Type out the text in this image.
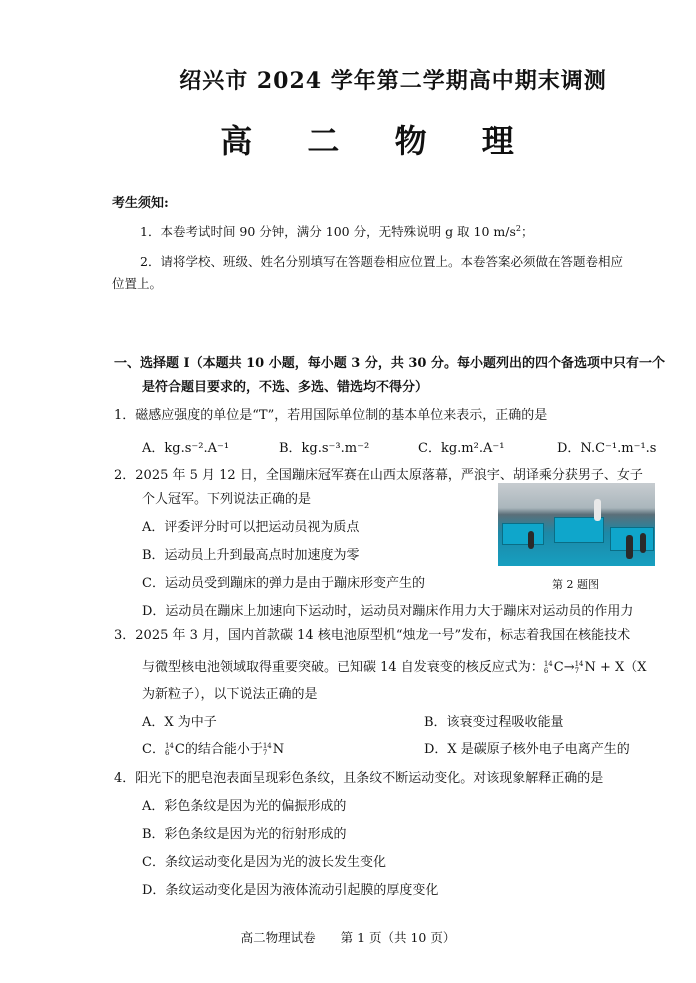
绍兴市 2024 学年第二学期高中期末调测
高 二 物 理
考生须知:
1．本卷考试时间 90 分钟，满分 100 分，无特殊说明 g 取 10 $m/s^2$；
2．请将学校、班级、姓名分别填写在答题卷相应位置上。本卷答案必须做在答题卷相应
位置上。
一、选择题 I（本题共 10 小题，每小题 3 分，共 30 分。每小题列出的四个备选项中只有一个
是符合题目要求的，不选、多选、错选均不得分）
1．磁感应强度的单位是“T”，若用国际单位制的基本单位来表示，正确的是
A．kg.s⁻².A⁻¹	B．kg.s⁻³.m⁻²	C．kg.m².A⁻¹	D．N.C⁻¹.m⁻¹.s
2．2025 年 5 月 12 日，全国蹦床冠军赛在山西太原落幕，严浪宇、胡译乘分获男子、女子
个人冠军。下列说法正确的是
A．评委评分时可以把运动员视为质点
B．运动员上升到最高点时加速度为零
C．运动员受到蹦床的弹力是由于蹦床形变产生的
D．运动员在蹦床上加速向下运动时，运动员对蹦床作用力大于蹦床对运动员的作用力
第 2 题图
3．2025 年 3 月，国内首款碳 14 核电池原型机“烛龙一号”发布，标志着我国在核能技术
与微型核电池领域取得重要突破。已知碳 14 自发衰变的核反应式为： 14
6 C→ 14
7 N + X（X
为新粒子），以下说法正确的是
A．X 为中子	B．该衰变过程吸收能量
C． 14
6 C的结合能小于 14
7 N	D．X 是碳原子核外电子电离产生的
4．阳光下的肥皂泡表面呈现彩色条纹，且条纹不断运动变化。对该现象解释正确的是
A．彩色条纹是因为光的偏振形成的
B．彩色条纹是因为光的衍射形成的
C．条纹运动变化是因为光的波长发生变化
D．条纹运动变化是因为液体流动引起膜的厚度变化
高二物理试卷　　第 1 页（共 10 页）
